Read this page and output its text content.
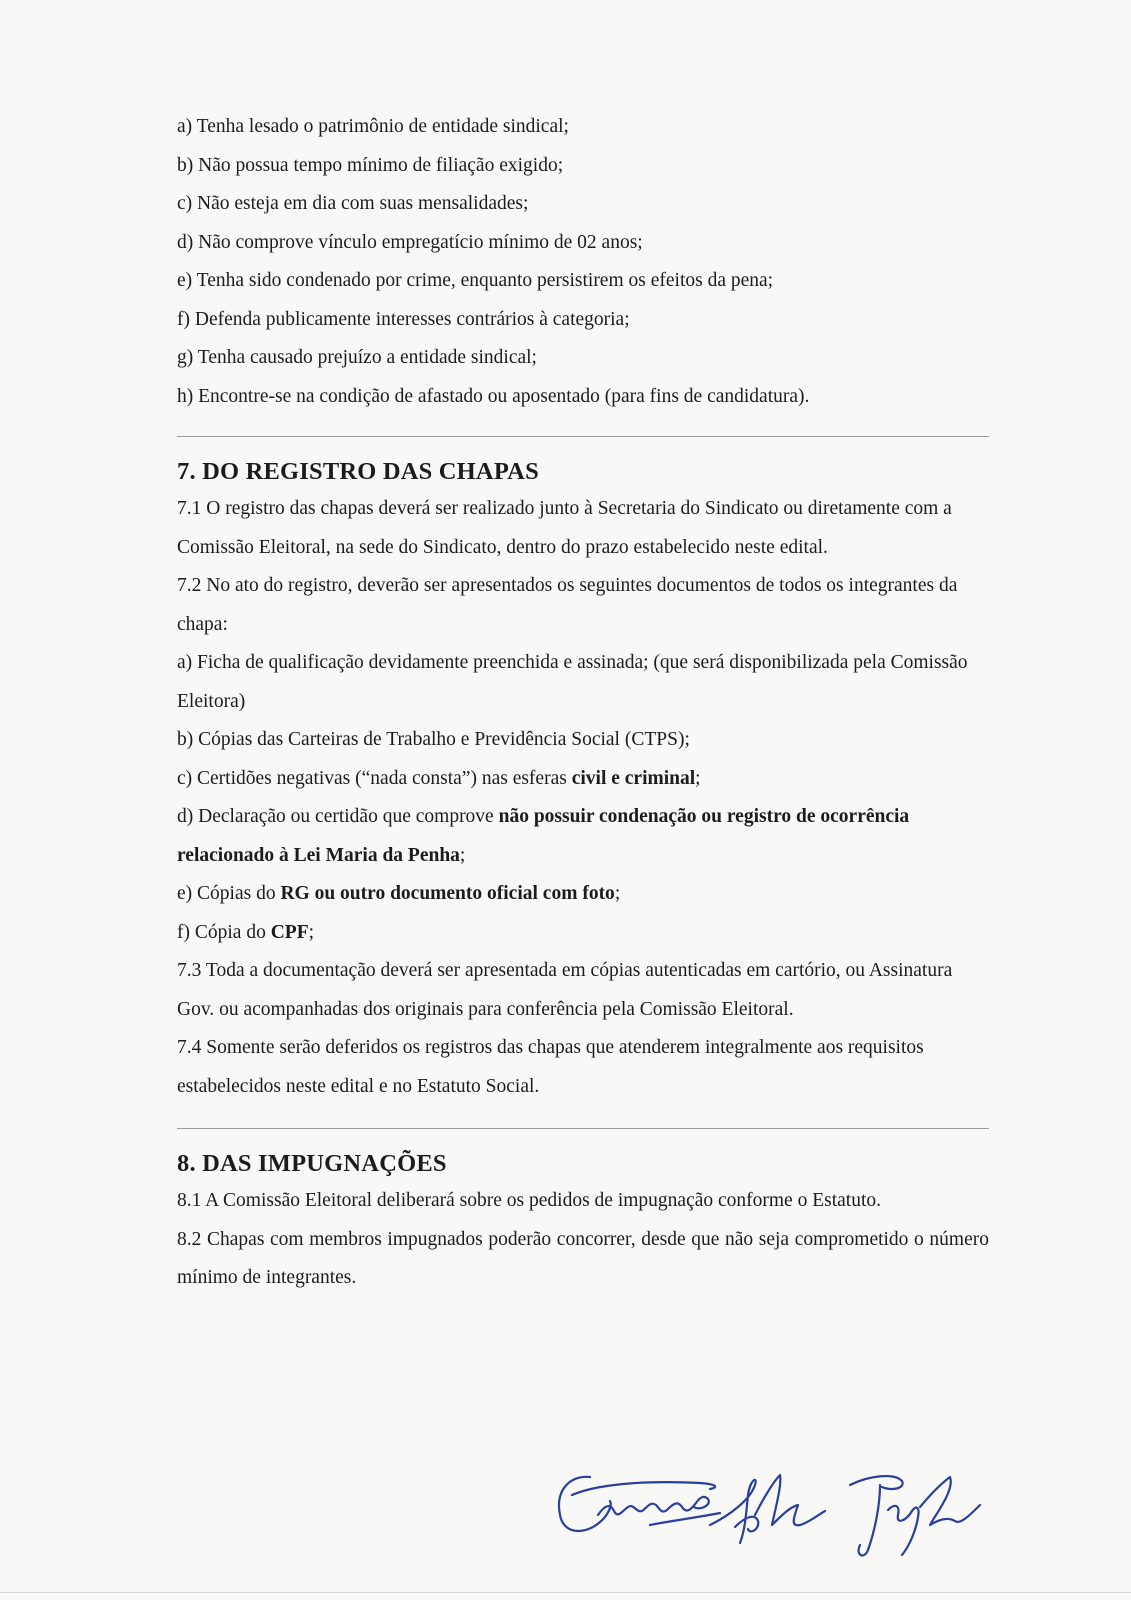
a) Tenha lesado o patrimônio de entidade sindical;

b) Não possua tempo mínimo de filiação exigido;

c) Não esteja em dia com suas mensalidades;

d) Não comprove vínculo empregatício mínimo de 02 anos;

e) Tenha sido condenado por crime, enquanto persistirem os efeitos da pena;

f) Defenda publicamente interesses contrários à categoria;

g) Tenha causado prejuízo a entidade sindical;

h) Encontre-se na condição de afastado ou aposentado (para fins de candidatura).

7. DO REGISTRO DAS CHAPAS

7.1 O registro das chapas deverá ser realizado junto à Secretaria do Sindicato ou diretamente com a Comissão Eleitoral, na sede do Sindicato, dentro do prazo estabelecido neste edital.

7.2 No ato do registro, deverão ser apresentados os seguintes documentos de todos os integrantes da chapa:

a) Ficha de qualificação devidamente preenchida e assinada; (que será disponibilizada pela Comissão Eleitora)

b) Cópias das Carteiras de Trabalho e Previdência Social (CTPS);

c) Certidões negativas (“nada consta”) nas esferas civil e criminal;

d) Declaração ou certidão que comprove não possuir condenação ou registro de ocorrência relacionado à Lei Maria da Penha;

e) Cópias do RG ou outro documento oficial com foto;

f) Cópia do CPF;

7.3 Toda a documentação deverá ser apresentada em cópias autenticadas em cartório, ou Assinatura Gov. ou acompanhadas dos originais para conferência pela Comissão Eleitoral.

7.4 Somente serão deferidos os registros das chapas que atenderem integralmente aos requisitos estabelecidos neste edital e no Estatuto Social.

8. DAS IMPUGNAÇÕES

8.1 A Comissão Eleitoral deliberará sobre os pedidos de impugnação conforme o Estatuto.

8.2 Chapas com membros impugnados poderão concorrer, desde que não seja comprometido o número mínimo de integrantes.
